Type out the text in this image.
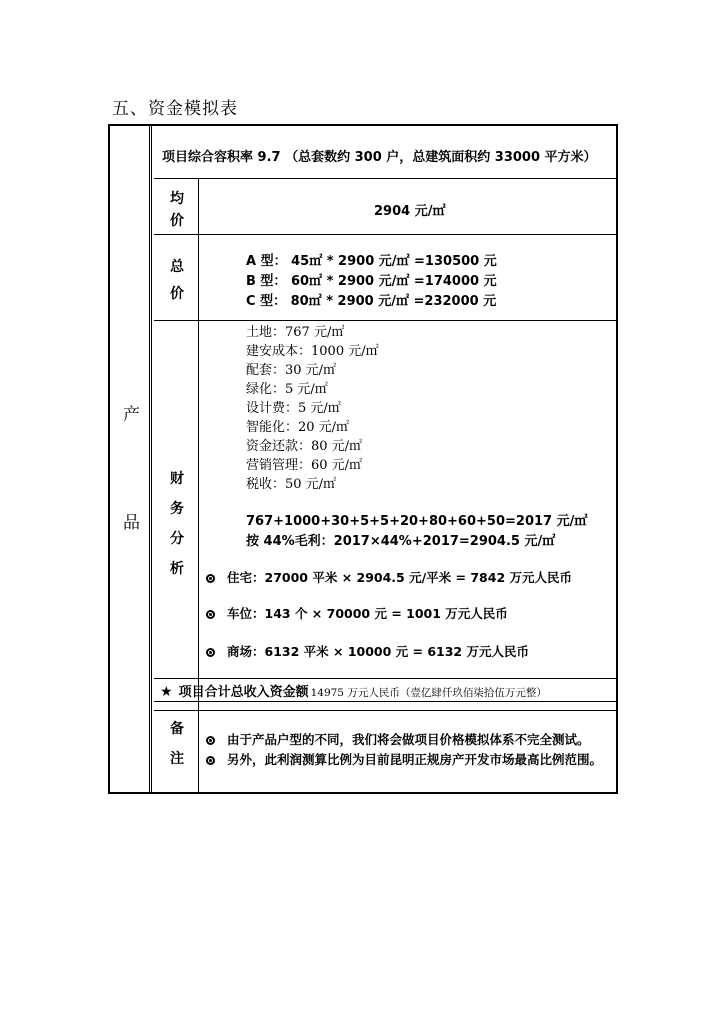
五、资金模拟表
产
品
项目综合容积率 9.7 （总套数约 300 户，总建筑面积约 33000 平方米）
均
价
2904 元/㎡
总
价
A 型： 45㎡ * 2900 元/㎡ =130500 元
B 型： 60㎡ * 2900 元/㎡ =174000 元
C 型： 80㎡ * 2900 元/㎡ =232000 元
财
务
分
析
土地：767 元/㎡
建安成本：1000 元/㎡
配套：30 元/㎡
绿化：5 元/㎡
设计费：5 元/㎡
智能化：20 元/㎡
资金还款：80 元/㎡
营销管理：60 元/㎡
税收：50 元/㎡
767+1000+30+5+5+20+80+60+50=2017 元/㎡
按 44%毛利：2017×44%+2017=2904.5 元/㎡
住宅：27000 平米 × 2904.5 元/平米 = 7842 万元人民币
车位：143 个 × 70000 元 = 1001 万元人民币
商场：6132 平米 × 10000 元 = 6132 万元人民币
★ 项目合计总收入资金额 14975 万元人民币（壹亿肆仟玖佰柒拾伍万元整）
备
注
由于产品户型的不同，我们将会做项目价格模拟体系不完全测试。
另外，此利润测算比例为目前昆明正规房产开发市场最高比例范围。
